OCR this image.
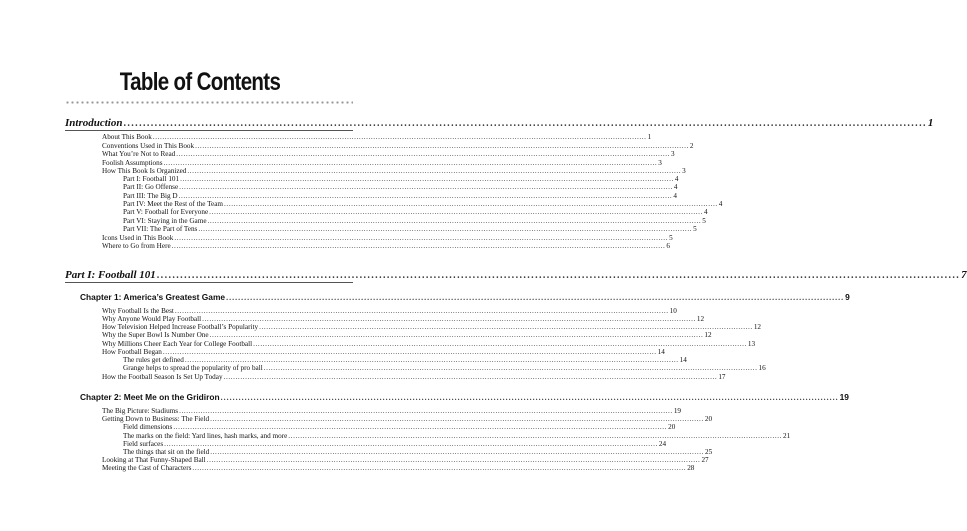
Table of Contents
Introduction .............................................................................................................................................................................................................. 1
About This Book .............................................................................................................................................................................................................. 1
Conventions Used in This Book .............................................................................................................................................................................................................. 2
What You’re Not to Read .............................................................................................................................................................................................................. 3
Foolish Assumptions .............................................................................................................................................................................................................. 3
How This Book Is Organized .............................................................................................................................................................................................................. 3
Part I: Football 101 .............................................................................................................................................................................................................. 4
Part II: Go Offense .............................................................................................................................................................................................................. 4
Part III: The Big D .............................................................................................................................................................................................................. 4
Part IV: Meet the Rest of the Team .............................................................................................................................................................................................................. 4
Part V: Football for Everyone .............................................................................................................................................................................................................. 4
Part VI: Staying in the Game .............................................................................................................................................................................................................. 5
Part VII: The Part of Tens .............................................................................................................................................................................................................. 5
Icons Used in This Book .............................................................................................................................................................................................................. 5
Where to Go from Here .............................................................................................................................................................................................................. 6
Part I: Football 101 .............................................................................................................................................................................................................. 7
Chapter 1: America’s Greatest Game .............................................................................................................................................................................................................. 9
Why Football Is the Best .............................................................................................................................................................................................................. 10
Why Anyone Would Play Football .............................................................................................................................................................................................................. 12
How Television Helped Increase Football’s Popularity .............................................................................................................................................................................................................. 12
Why the Super Bowl Is Number One .............................................................................................................................................................................................................. 12
Why Millions Cheer Each Year for College Football .............................................................................................................................................................................................................. 13
How Football Began .............................................................................................................................................................................................................. 14
The rules get defined .............................................................................................................................................................................................................. 14
Grange helps to spread the popularity of pro ball .............................................................................................................................................................................................................. 16
How the Football Season Is Set Up Today .............................................................................................................................................................................................................. 17
Chapter 2: Meet Me on the Gridiron .............................................................................................................................................................................................................. 19
The Big Picture: Stadiums .............................................................................................................................................................................................................. 19
Getting Down to Business: The Field .............................................................................................................................................................................................................. 20
Field dimensions .............................................................................................................................................................................................................. 20
The marks on the field: Yard lines, hash marks, and more .............................................................................................................................................................................................................. 21
Field surfaces .............................................................................................................................................................................................................. 24
The things that sit on the field .............................................................................................................................................................................................................. 25
Looking at That Funny-Shaped Ball .............................................................................................................................................................................................................. 27
Meeting the Cast of Characters .............................................................................................................................................................................................................. 28
